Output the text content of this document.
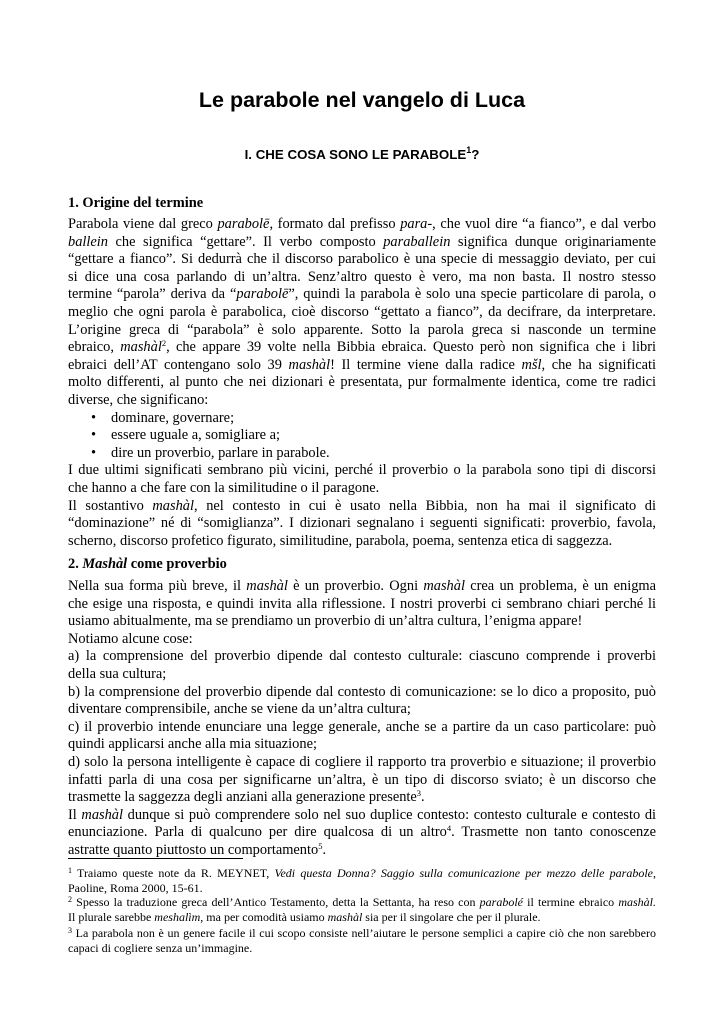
Le parabole nel vangelo di Luca
I. CHE COSA SONO LE PARABOLE$^1$?
1. Origine del termine
Parabola viene dal greco parabolē, formato dal prefisso para-, che vuol dire “a fianco”, e dal verbo
ballein che significa “gettare”. Il verbo composto paraballein significa dunque originariamente
“gettare a fianco”. Si dedurrà che il discorso parabolico è una specie di messaggio deviato, per cui
si dice una cosa parlando di un’altra. Senz’altro questo è vero, ma non basta. Il nostro stesso
termine “parola” deriva da “parabolē”, quindi la parabola è solo una specie particolare di parola, o
meglio che ogni parola è parabolica, cioè discorso “gettato a fianco”, da decifrare, da interpretare.
L’origine greca di “parabola” è solo apparente. Sotto la parola greca si nasconde un termine
ebraico, mashàl$^2$, che appare 39 volte nella Bibbia ebraica. Questo però non significa che i libri
ebraici dell’AT contengano solo 39 mashàl! Il termine viene dalla radice mšl, che ha significati
molto differenti, al punto che nei dizionari è presentata, pur formalmente identica, come tre radici
diverse, che significano:
• dominare, governare;
• essere uguale a, somigliare a;
• dire un proverbio, parlare in parabole.
I due ultimi significati sembrano più vicini, perché il proverbio o la parabola sono tipi di discorsi
che hanno a che fare con la similitudine o il paragone.
Il sostantivo mashàl, nel contesto in cui è usato nella Bibbia, non ha mai il significato di
“dominazione” né di “somiglianza”. I dizionari segnalano i seguenti significati: proverbio, favola,
scherno, discorso profetico figurato, similitudine, parabola, poema, sentenza etica di saggezza.
2. Mashàl come proverbio
Nella sua forma più breve, il mashàl è un proverbio. Ogni mashàl crea un problema, è un enigma
che esige una risposta, e quindi invita alla riflessione. I nostri proverbi ci sembrano chiari perché li
usiamo abitualmente, ma se prendiamo un proverbio di un’altra cultura, l’enigma appare!
Notiamo alcune cose:
a) la comprensione del proverbio dipende dal contesto culturale: ciascuno comprende i proverbi
della sua cultura;
b) la comprensione del proverbio dipende dal contesto di comunicazione: se lo dico a proposito, può
diventare comprensibile, anche se viene da un’altra cultura;
c) il proverbio intende enunciare una legge generale, anche se a partire da un caso particolare: può
quindi applicarsi anche alla mia situazione;
d) solo la persona intelligente è capace di cogliere il rapporto tra proverbio e situazione; il proverbio
infatti parla di una cosa per significarne un’altra, è un tipo di discorso sviato; è un discorso che
trasmette la saggezza degli anziani alla generazione presente$^3$.
Il mashàl dunque si può comprendere solo nel suo duplice contesto: contesto culturale e contesto di
enunciazione. Parla di qualcuno per dire qualcosa di un altro$^4$. Trasmette non tanto conoscenze
astratte quanto piuttosto un comportamento$^5$.
$^1$ Traiamo queste note da R. MEYNET, Vedi questa Donna? Saggio sulla comunicazione per mezzo delle parabole,
Paoline, Roma 2000, 15-61.
$^2$ Spesso la traduzione greca dell’Antico Testamento, detta la Settanta, ha reso con parabolé il termine ebraico mashàl.
Il plurale sarebbe meshalìm, ma per comodità usiamo mashàl sia per il singolare che per il plurale.
$^3$ La parabola non è un genere facile il cui scopo consiste nell’aiutare le persone semplici a capire ciò che non sarebbero
capaci di cogliere senza un’immagine.
